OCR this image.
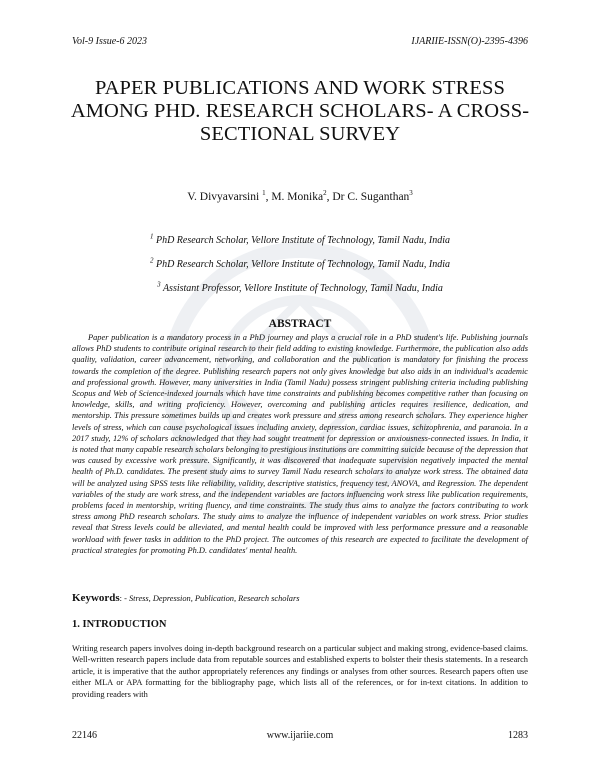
Vol-9 Issue-6 2023	IJARIIE-ISSN(O)-2395-4396
PAPER PUBLICATIONS AND WORK STRESS AMONG PHD. RESEARCH SCHOLARS- A CROSS-SECTIONAL SURVEY
V. Divyavarsini $^1$, M. Monika$^2$, Dr C. Suganthan$^3$
$^1$ PhD Research Scholar, Vellore Institute of Technology, Tamil Nadu, India
$^2$ PhD Research Scholar, Vellore Institute of Technology, Tamil Nadu, India
$^3$ Assistant Professor, Vellore Institute of Technology, Tamil Nadu, India
ABSTRACT

Paper publication is a mandatory process in a PhD journey and plays a crucial role in a PhD student's life. Publishing journals allows PhD students to contribute original research to their field adding to existing knowledge. Furthermore, the publication also adds quality, validation, career advancement, networking, and collaboration and the publication is mandatory for finishing the process towards the completion of the degree. Publishing research papers not only gives knowledge but also aids in an individual's academic and professional growth. However, many universities in India (Tamil Nadu) possess stringent publishing criteria including publishing Scopus and Web of Science-indexed journals which have time constraints and publishing becomes competitive rather than focusing on knowledge, skills, and writing proficiency. However, overcoming and publishing articles requires resilience, dedication, and mentorship. This pressure sometimes builds up and creates work pressure and stress among research scholars. They experience higher levels of stress, which can cause psychological issues including anxiety, depression, cardiac issues, schizophrenia, and paranoia. In a 2017 study, 12% of scholars acknowledged that they had sought treatment for depression or anxiousness-connected issues. In India, it is noted that many capable research scholars belonging to prestigious institutions are committing suicide because of the depression that was caused by excessive work pressure. Significantly, it was discovered that inadequate supervision negatively impacted the mental health of Ph.D. candidates. The present study aims to survey Tamil Nadu research scholars to analyze work stress. The obtained data will be analyzed using SPSS tests like reliability, validity, descriptive statistics, frequency test, ANOVA, and Regression. The dependent variables of the study are work stress, and the independent variables are factors influencing work stress like publication requirements, problems faced in mentorship, writing fluency, and time constraints. The study thus aims to analyze the factors contributing to work stress among PhD research scholars. The study aims to analyze the influence of independent variables on work stress. Prior studies reveal that Stress levels could be alleviated, and mental health could be improved with less performance pressure and a reasonable workload with fewer tasks in addition to the PhD project. The outcomes of this research are expected to facilitate the development of practical strategies for promoting Ph.D. candidates' mental health.

Keywords: - Stress, Depression, Publication, Research scholars
1. INTRODUCTION

Writing research papers involves doing in-depth background research on a particular subject and making strong, evidence-based claims. Well-written research papers include data from reputable sources and established experts to bolster their thesis statements. In a research article, it is imperative that the author appropriately references any findings or analyses from other sources. Research papers often use either MLA or APA formatting for the bibliography page, which lists all of the references, or for in-text citations. In addition to providing readers with

22146	www.ijariie.com	1283
